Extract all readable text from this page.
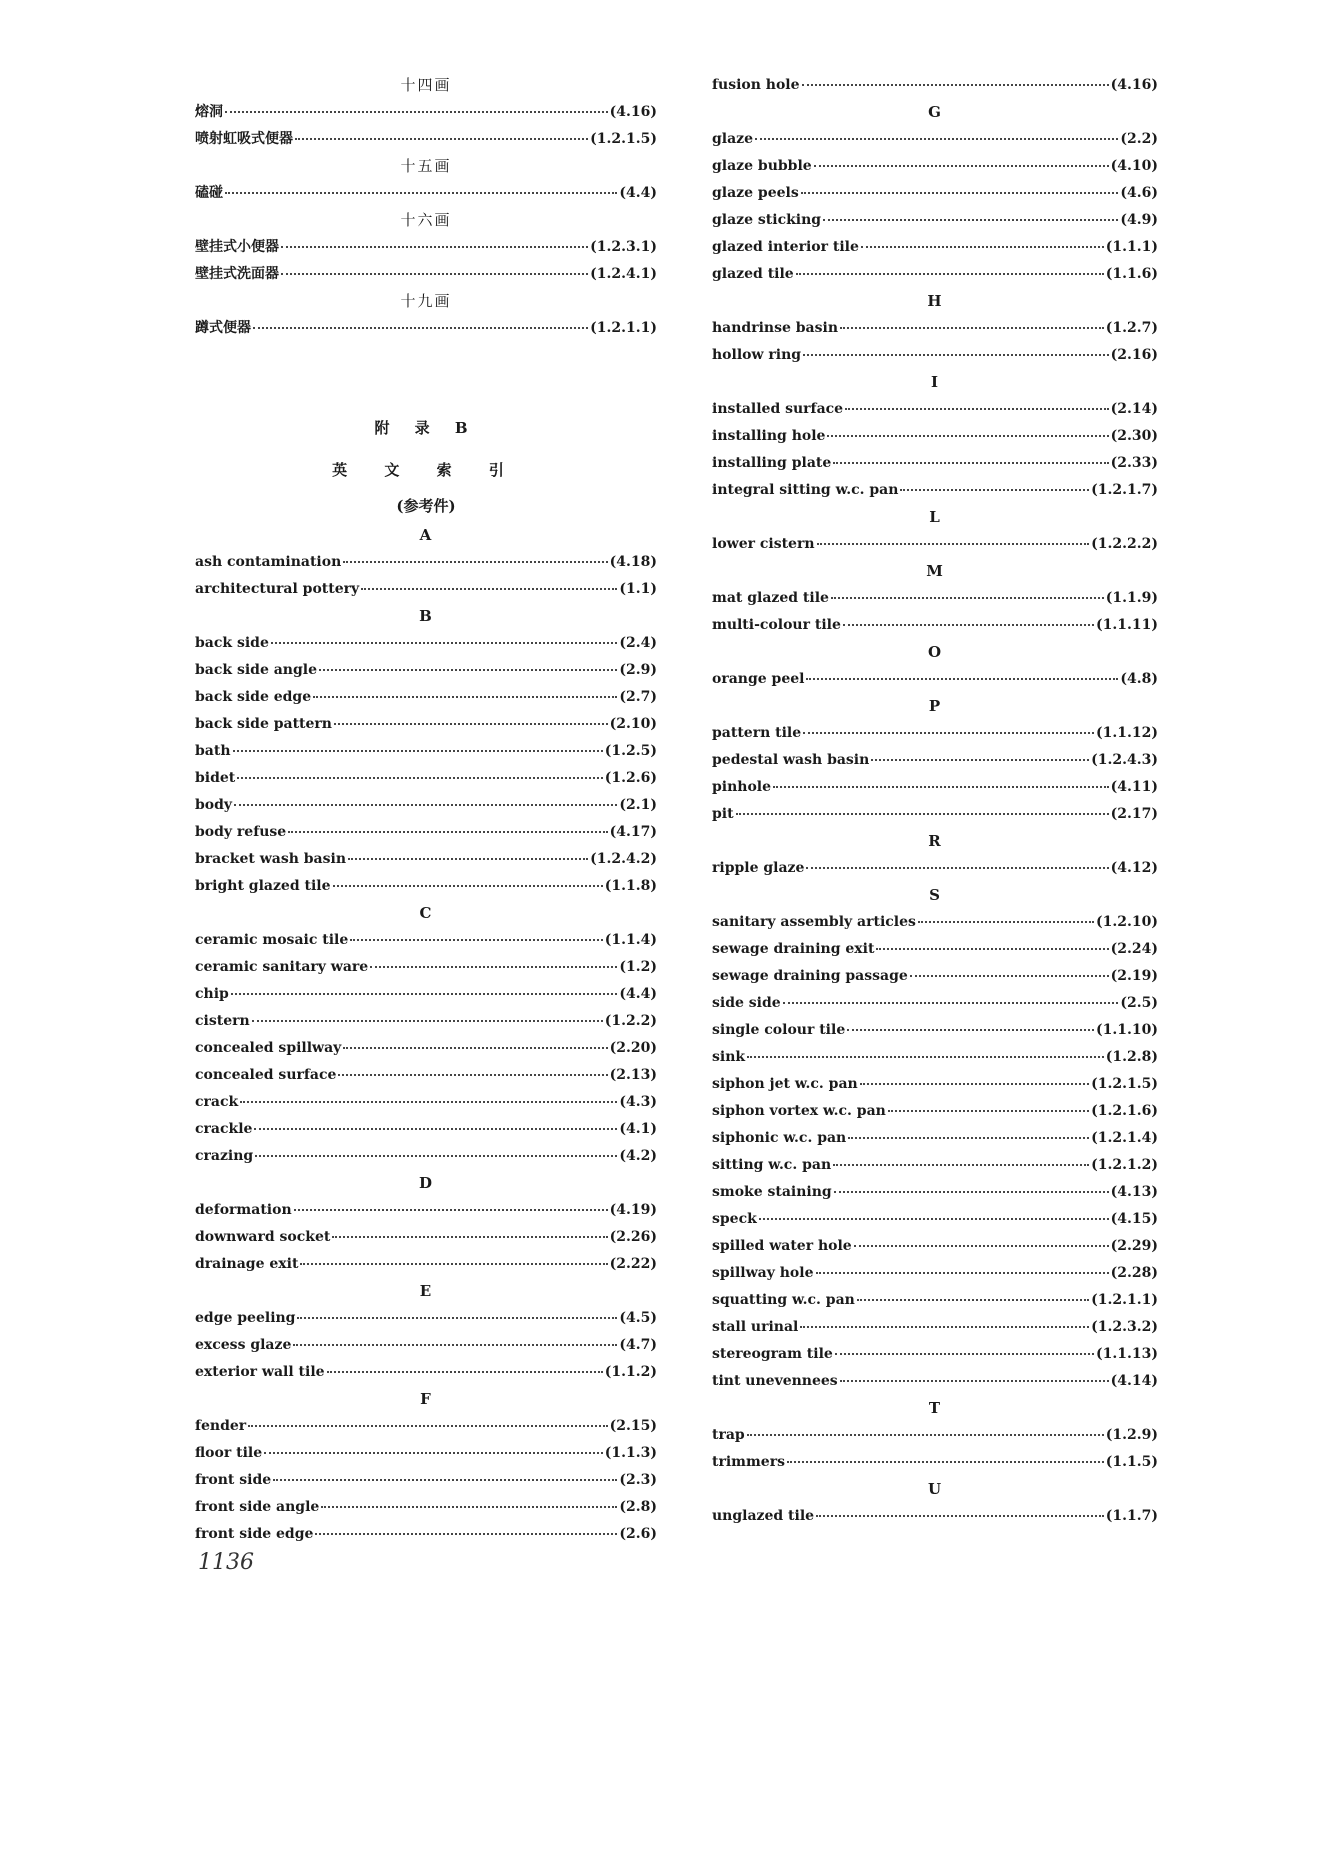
十四画
熔洞	(4.16)
喷射虹吸式便器	(1.2.1.5)
十五画
磕碰	(4.4)
十六画
壁挂式小便器	(1.2.3.1)
壁挂式洗面器	(1.2.4.1)
十九画
蹲式便器	(1.2.1.1)
附 录 B
英 文 索 引
(参考件)
A
ash contamination	(4.18)
architectural pottery	(1.1)
B
back side	(2.4)
back side angle	(2.9)
back side edge	(2.7)
back side pattern	(2.10)
bath	(1.2.5)
bidet	(1.2.6)
body	(2.1)
body refuse	(4.17)
bracket wash basin	(1.2.4.2)
bright glazed tile	(1.1.8)
C
ceramic mosaic tile	(1.1.4)
ceramic sanitary ware	(1.2)
chip	(4.4)
cistern	(1.2.2)
concealed spillway	(2.20)
concealed surface	(2.13)
crack	(4.3)
crackle	(4.1)
crazing	(4.2)
D
deformation	(4.19)
downward socket	(2.26)
drainage exit	(2.22)
E
edge peeling	(4.5)
excess glaze	(4.7)
exterior wall tile	(1.1.2)
F
fender	(2.15)
floor tile	(1.1.3)
front side	(2.3)
front side angle	(2.8)
front side edge	(2.6)
fusion hole	(4.16)
G
glaze	(2.2)
glaze bubble	(4.10)
glaze peels	(4.6)
glaze sticking	(4.9)
glazed interior tile	(1.1.1)
glazed tile	(1.1.6)
H
handrinse basin	(1.2.7)
hollow ring	(2.16)
I
installed surface	(2.14)
installing hole	(2.30)
installing plate	(2.33)
integral sitting w.c. pan	(1.2.1.7)
L
lower cistern	(1.2.2.2)
M
mat glazed tile	(1.1.9)
multi-colour tile	(1.1.11)
O
orange peel	(4.8)
P
pattern tile	(1.1.12)
pedestal wash basin	(1.2.4.3)
pinhole	(4.11)
pit	(2.17)
R
ripple glaze	(4.12)
S
sanitary assembly articles	(1.2.10)
sewage draining exit	(2.24)
sewage draining passage	(2.19)
side side	(2.5)
single colour tile	(1.1.10)
sink	(1.2.8)
siphon jet w.c. pan	(1.2.1.5)
siphon vortex w.c. pan	(1.2.1.6)
siphonic w.c. pan	(1.2.1.4)
sitting w.c. pan	(1.2.1.2)
smoke staining	(4.13)
speck	(4.15)
spilled water hole	(2.29)
spillway hole	(2.28)
squatting w.c. pan	(1.2.1.1)
stall urinal	(1.2.3.2)
stereogram tile	(1.1.13)
tint unevennees	(4.14)
T
trap	(1.2.9)
trimmers	(1.1.5)
U
unglazed tile	(1.1.7)
1136
